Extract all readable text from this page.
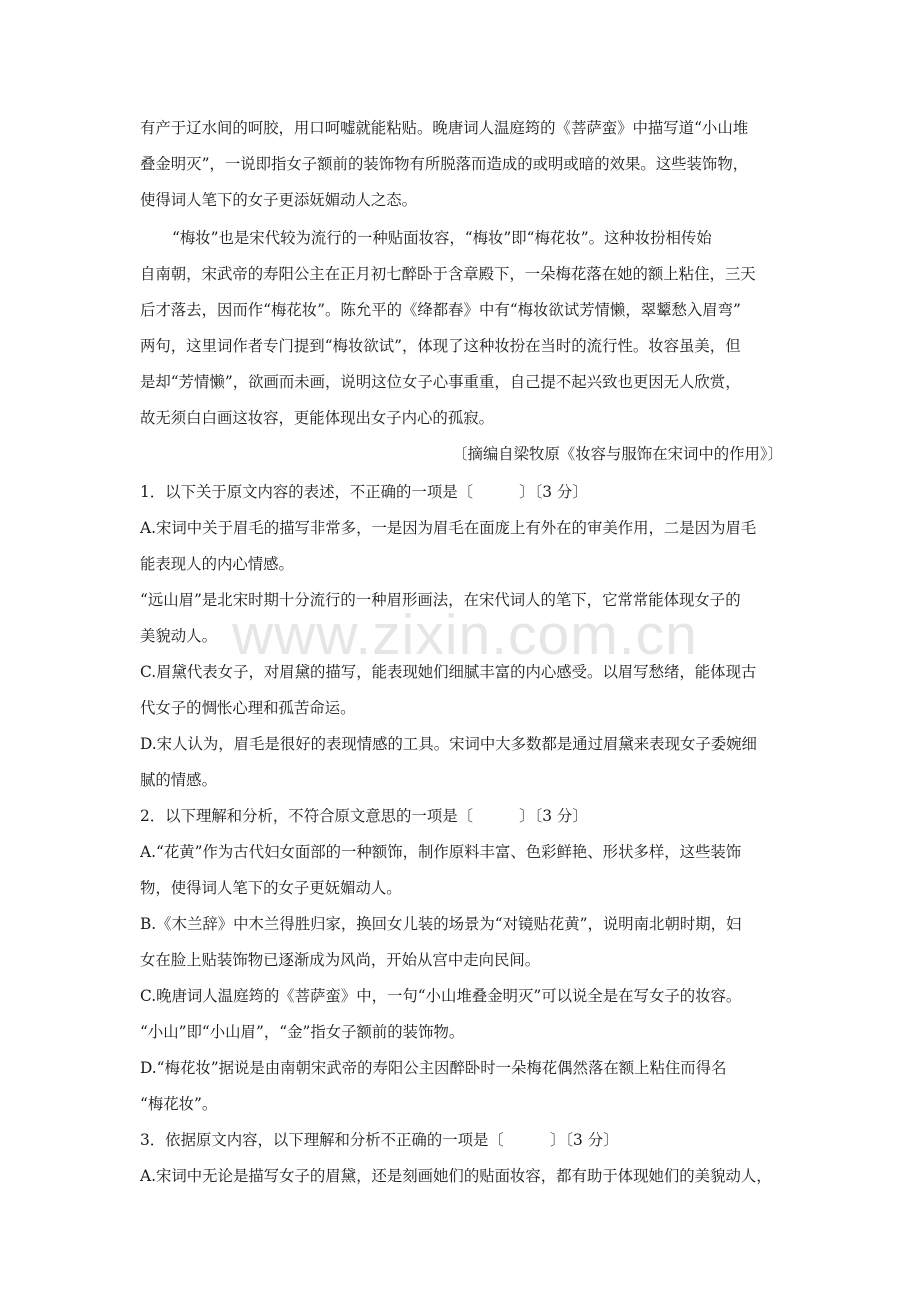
有产于辽水间的呵胶，用口呵嘘就能粘贴。晚唐词人温庭筠的《菩萨蛮》中描写道“小山堆
叠金明灭”，一说即指女子额前的装饰物有所脱落而造成的或明或暗的效果。这些装饰物，
使得词人笔下的女子更添妩媚动人之态。
“梅妆”也是宋代较为流行的一种贴面妆容，“梅妆”即“梅花妆”。这种妆扮相传始
自南朝，宋武帝的寿阳公主在正月初七醉卧于含章殿下，一朵梅花落在她的额上粘住，三天
后才落去，因而作“梅花妆”。陈允平的《绛都春》中有“梅妆欲试芳情懒，翠颦愁入眉弯”
两句，这里词作者专门提到“梅妆欲试”，体现了这种妆扮在当时的流行性。妆容虽美，但
是却“芳情懒”，欲画而未画，说明这位女子心事重重，自己提不起兴致也更因无人欣赏，
故无须白白画这妆容，更能体现出女子内心的孤寂。
〔摘编自梁牧原《妆容与服饰在宋词中的作用》〕
1．以下关于原文内容的表述，不正确的一项是〔　　　〕〔3 分〕
A.宋词中关于眉毛的描写非常多，一是因为眉毛在面庞上有外在的审美作用，二是因为眉毛
能表现人的内心情感。
“远山眉”是北宋时期十分流行的一种眉形画法，在宋代词人的笔下，它常常能体现女子的
美貌动人。
C.眉黛代表女子，对眉黛的描写，能表现她们细腻丰富的内心感受。以眉写愁绪，能体现古
代女子的惆怅心理和孤苦命运。
D.宋人认为，眉毛是很好的表现情感的工具。宋词中大多数都是通过眉黛来表现女子委婉细
腻的情感。
2．以下理解和分析，不符合原文意思的一项是〔　　　〕〔3 分〕
A.“花黄”作为古代妇女面部的一种额饰，制作原料丰富、色彩鲜艳、形状多样，这些装饰
物，使得词人笔下的女子更妩媚动人。
B.《木兰辞》中木兰得胜归家，换回女儿装的场景为“对镜贴花黄”，说明南北朝时期，妇
女在脸上贴装饰物已逐渐成为风尚，开始从宫中走向民间。
C.晚唐词人温庭筠的《菩萨蛮》中，一句“小山堆叠金明灭”可以说全是在写女子的妆容。
“小山”即“小山眉”，“金”指女子额前的装饰物。
D.“梅花妆”据说是由南朝宋武帝的寿阳公主因醉卧时一朵梅花偶然落在额上粘住而得名
“梅花妆”。
3．依据原文内容，以下理解和分析不正确的一项是〔　　　〕〔3 分〕
A.宋词中无论是描写女子的眉黛，还是刻画她们的贴面妆容，都有助于体现她们的美貌动人，
www.zixin.com.cn
